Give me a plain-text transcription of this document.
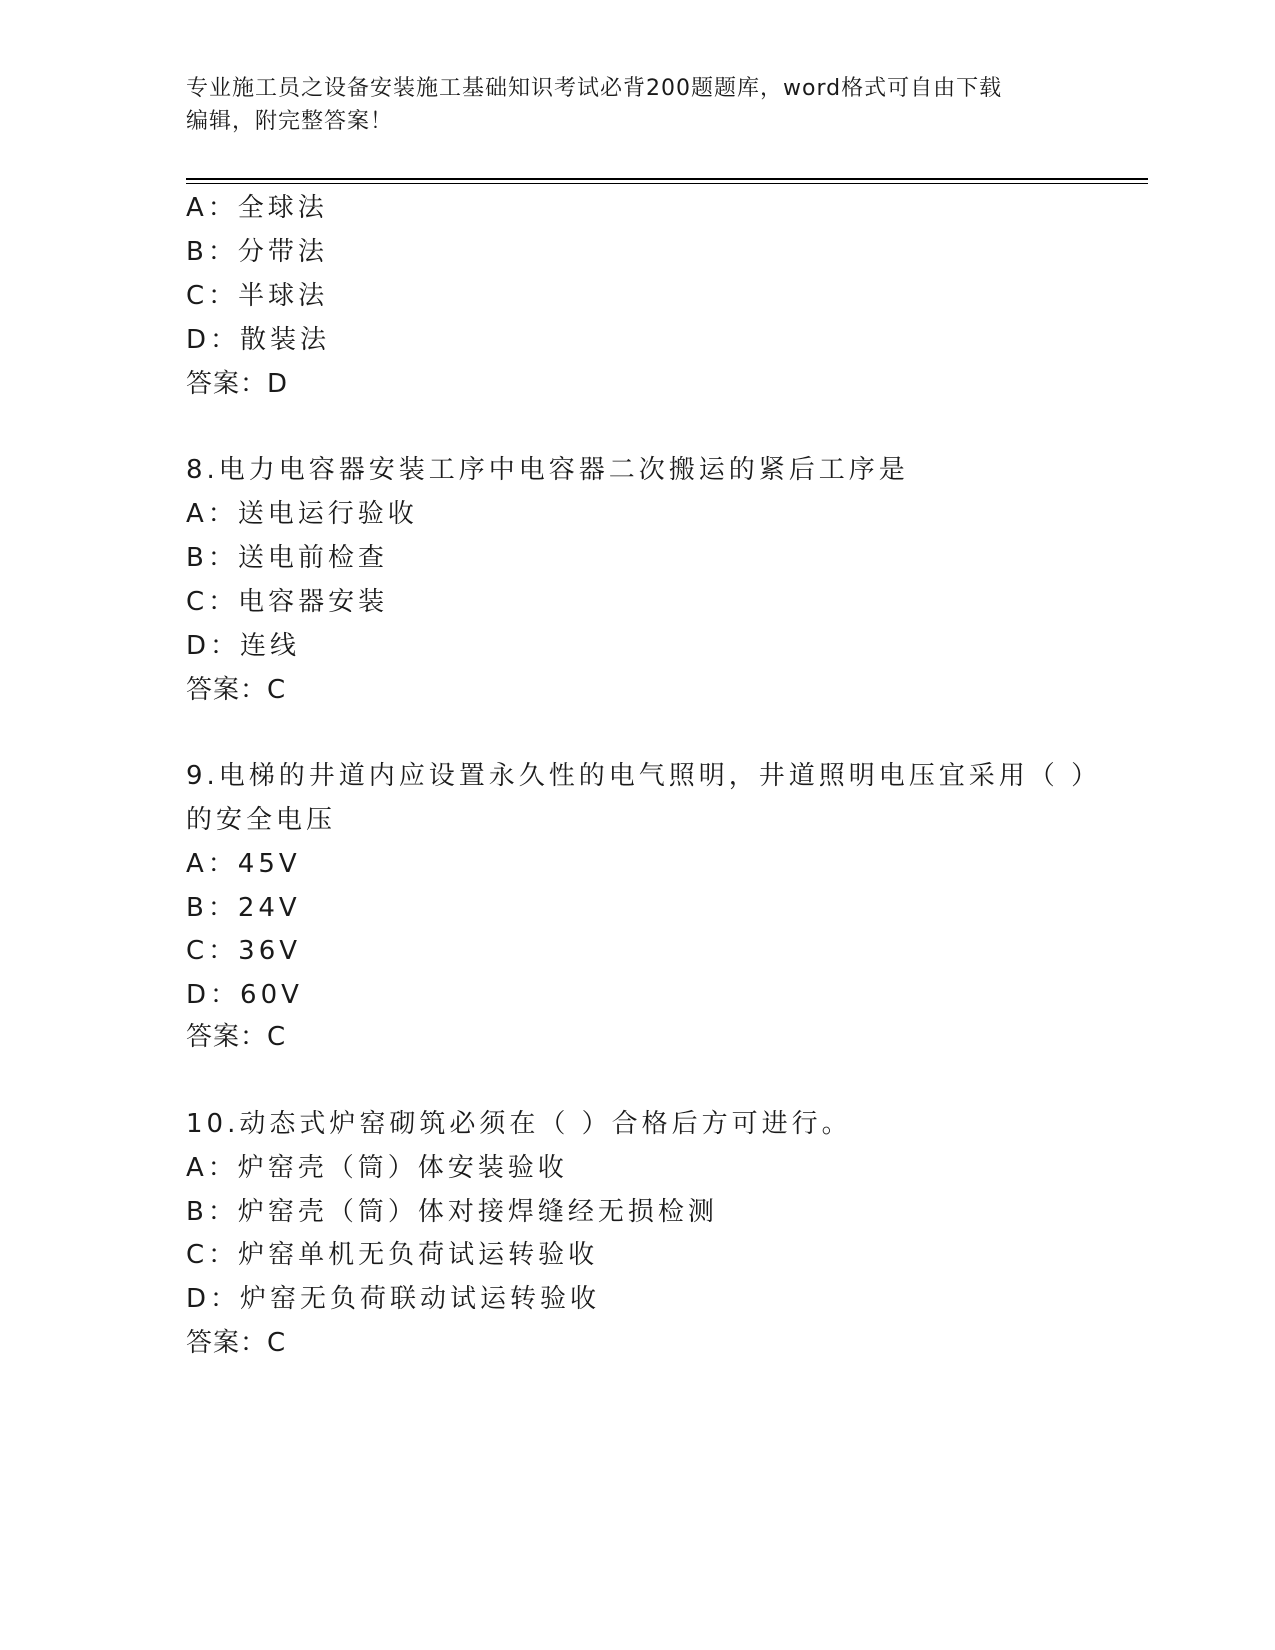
专业施工员之设备安装施工基础知识考试必背200题题库，word格式可自由下载
编辑，附完整答案！
A：全球法
B：分带法
C：半球法
D：散装法
答案：D
8.电力电容器安装工序中电容器二次搬运的紧后工序是
A：送电运行验收
B：送电前检查
C：电容器安装
D：连线
答案：C
9.电梯的井道内应设置永久性的电气照明，井道照明电压宜采用（ ）
的安全电压
A：45V
B：24V
C：36V
D：60V
答案：C
10.动态式炉窑砌筑必须在（ ）合格后方可进行。
A：炉窑壳（筒）体安装验收
B：炉窑壳（筒）体对接焊缝经无损检测
C：炉窑单机无负荷试运转验收
D：炉窑无负荷联动试运转验收
答案：C
